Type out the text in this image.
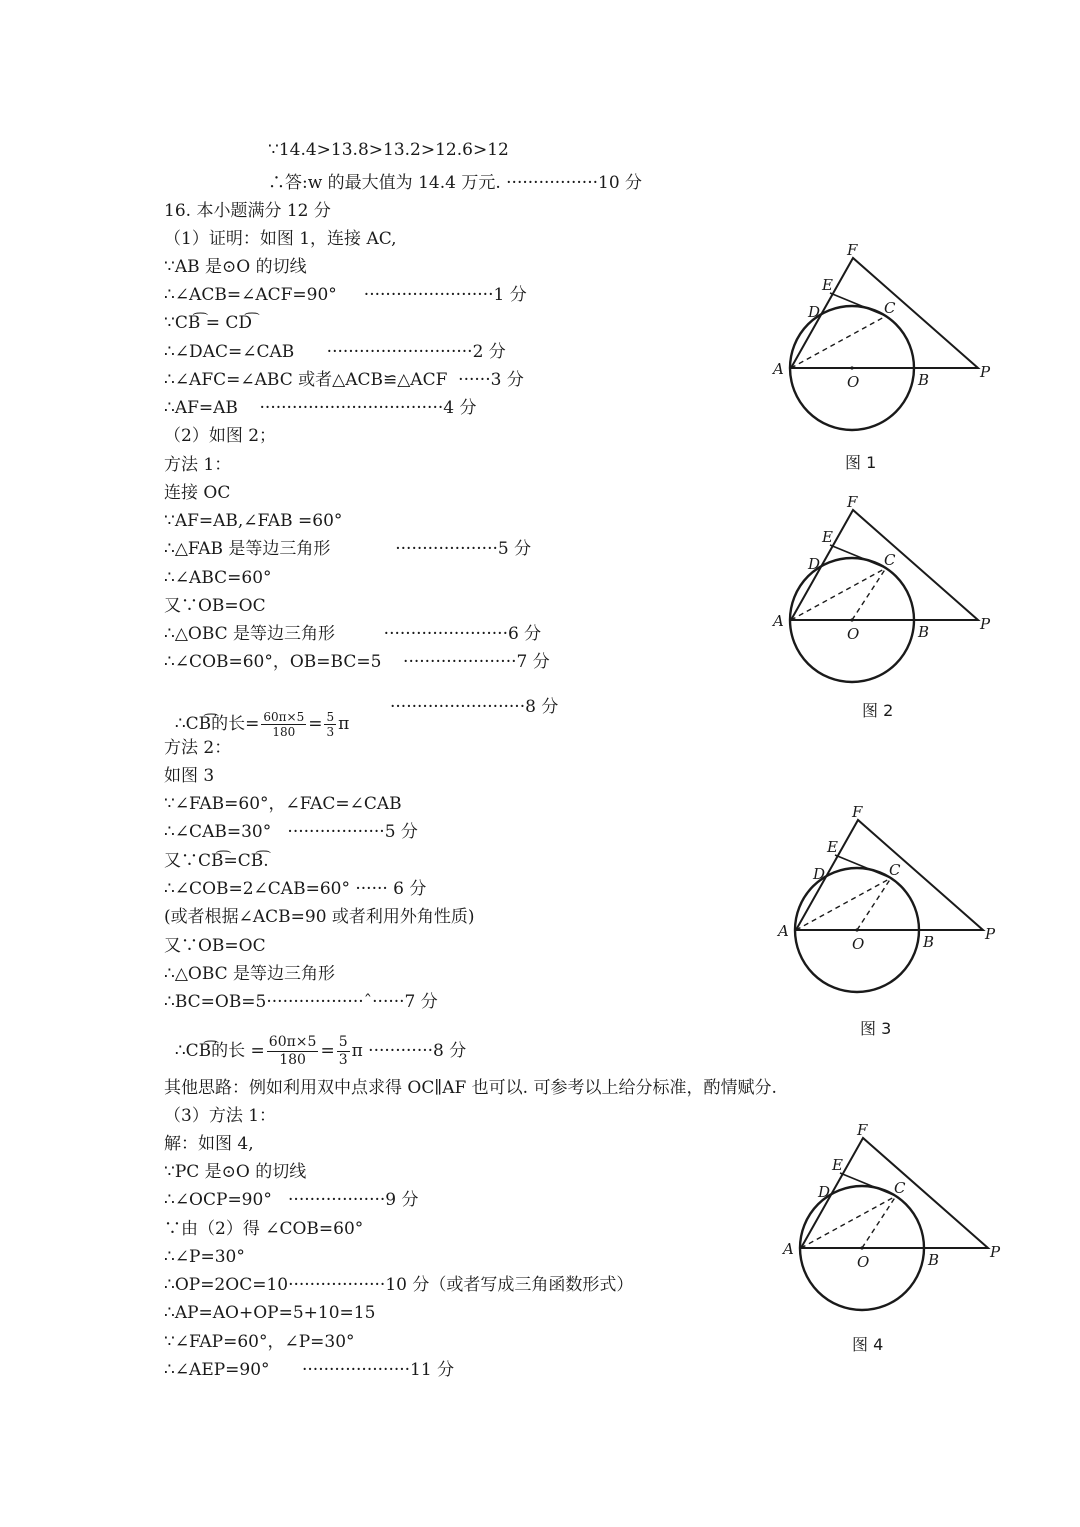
∵14.4>13.8>13.2>12.6>12
∴答:w 的最大值为 14.4 万元. ·················10 分
16. 本小题满分 12 分
（1）证明：如图 1，连接 AC,
∵AB 是⊙O 的切线
∴∠ACB=∠ACF=90°     ························1 分
∵CB͡ = CD͡
∴∠DAC=∠CAB      ···························2 分
∴∠AFC=∠ABC 或者△ACB≌△ACF  ······3 分
∴AF=AB    ··································4 分
（2）如图 2；
方法 1：
连接 OC
∵AF=AB,∠FAB =60°
∴△FAB 是等边三角形            ···················5 分
∴∠ABC=60°
又∵OB=OC
∴△OBC 是等边三角形         ·······················6 分
∴∠COB=60°，OB=BC=5    ·····················7 分

∴CB͡的长= $\frac{60\pi\times 5}{180} = \frac{5}{3}$ π

·························8 分
方法 2：
如图 3
∵∠FAB=60°，∠FAC=∠CAB
∴∠CAB=30°   ··················5 分
又∵CB͡=CB͡.
∴∠COB=2∠CAB=60° ······ 6 分
(或者根据∠ACB=90 或者利用外角性质)
又∵OB=OC
∴△OBC 是等边三角形
∴BC=OB=5··················ˆ······7 分

∴CB͡的长 = $\frac{60\pi\times 5}{180} = \frac{5}{3}$ π ············8 分

其他思路：例如利用双中点求得 OC∥AF 也可以. 可参考以上给分标准，酌情赋分.
（3）方法 1：
解：如图 4,
∵PC 是⊙O 的切线
∴∠OCP=90°   ··················9 分
∵由（2）得 ∠COB=60°
∴∠P=30°
∴OP=2OC=10··················10 分（或者写成三角函数形式）
∴AP=AO+OP=5+10=15
∵∠FAP=60°，∠P=30°
∴∠AEP=90°      ····················11 分
F
E
D	C
A
O	B	P
图 1
F
E
D	C
A
O	B	P
图 2
F
E
D	C
A
O	B	P
图 3
F
E
D	C
A
O	B	P
图 4
